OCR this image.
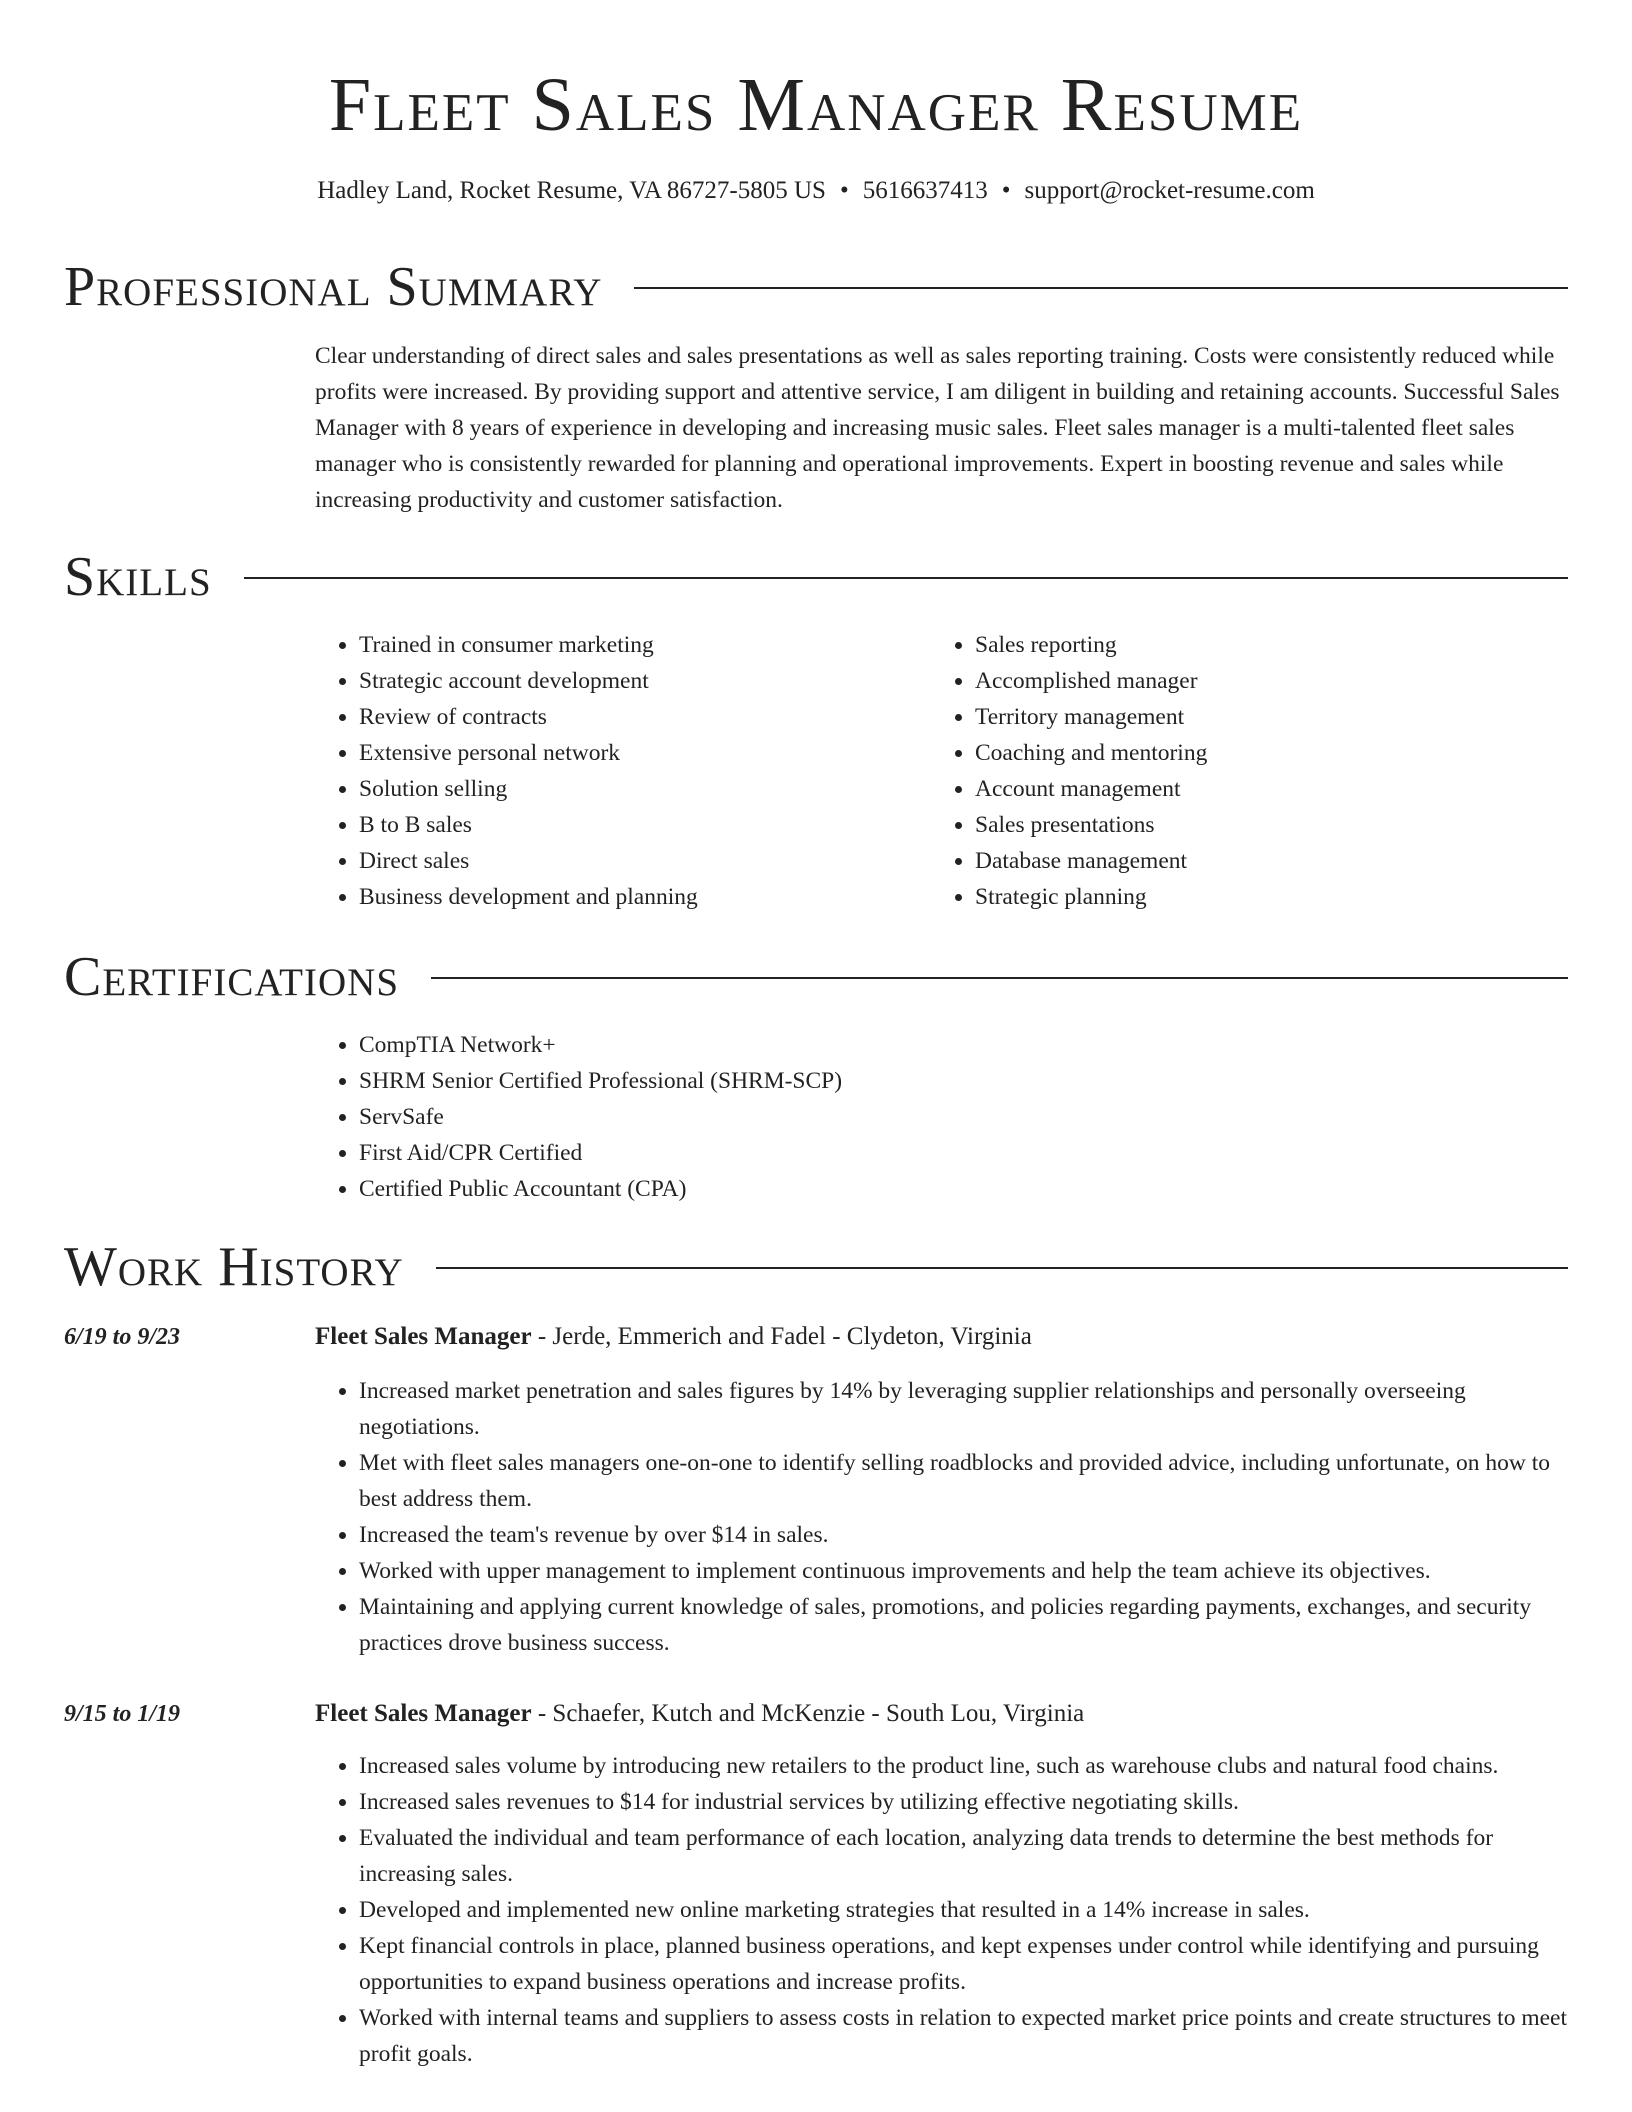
Fleet Sales Manager Resume
Hadley Land, Rocket Resume, VA 86727-5805 US • 5616637413 • support@rocket-resume.com
Professional Summary
Clear understanding of direct sales and sales presentations as well as sales reporting training. Costs were consistently reduced while profits were increased. By providing support and attentive service, I am diligent in building and retaining accounts. Successful Sales Manager with 8 years of experience in developing and increasing music sales. Fleet sales manager is a multi-talented fleet sales manager who is consistently rewarded for planning and operational improvements. Expert in boosting revenue and sales while increasing productivity and customer satisfaction.
Skills
• Trained in consumer marketing
• Strategic account development
• Review of contracts
• Extensive personal network
• Solution selling
• B to B sales
• Direct sales
• Business development and planning
• Sales reporting
• Accomplished manager
• Territory management
• Coaching and mentoring
• Account management
• Sales presentations
• Database management
• Strategic planning
Certifications
• CompTIA Network+
• SHRM Senior Certified Professional (SHRM-SCP)
• ServSafe
• First Aid/CPR Certified
• Certified Public Accountant (CPA)
Work History
6/19 to 9/23	Fleet Sales Manager - Jerde, Emmerich and Fadel - Clydeton, Virginia
• Increased market penetration and sales figures by 14% by leveraging supplier relationships and personally overseeing negotiations.
• Met with fleet sales managers one-on-one to identify selling roadblocks and provided advice, including unfortunate, on how to best address them.
• Increased the team's revenue by over $14 in sales.
• Worked with upper management to implement continuous improvements and help the team achieve its objectives.
• Maintaining and applying current knowledge of sales, promotions, and policies regarding payments, exchanges, and security practices drove business success.
9/15 to 1/19	Fleet Sales Manager - Schaefer, Kutch and McKenzie - South Lou, Virginia
• Increased sales volume by introducing new retailers to the product line, such as warehouse clubs and natural food chains.
• Increased sales revenues to $14 for industrial services by utilizing effective negotiating skills.
• Evaluated the individual and team performance of each location, analyzing data trends to determine the best methods for increasing sales.
• Developed and implemented new online marketing strategies that resulted in a 14% increase in sales.
• Kept financial controls in place, planned business operations, and kept expenses under control while identifying and pursuing opportunities to expand business operations and increase profits.
• Worked with internal teams and suppliers to assess costs in relation to expected market price points and create structures to meet profit goals.
